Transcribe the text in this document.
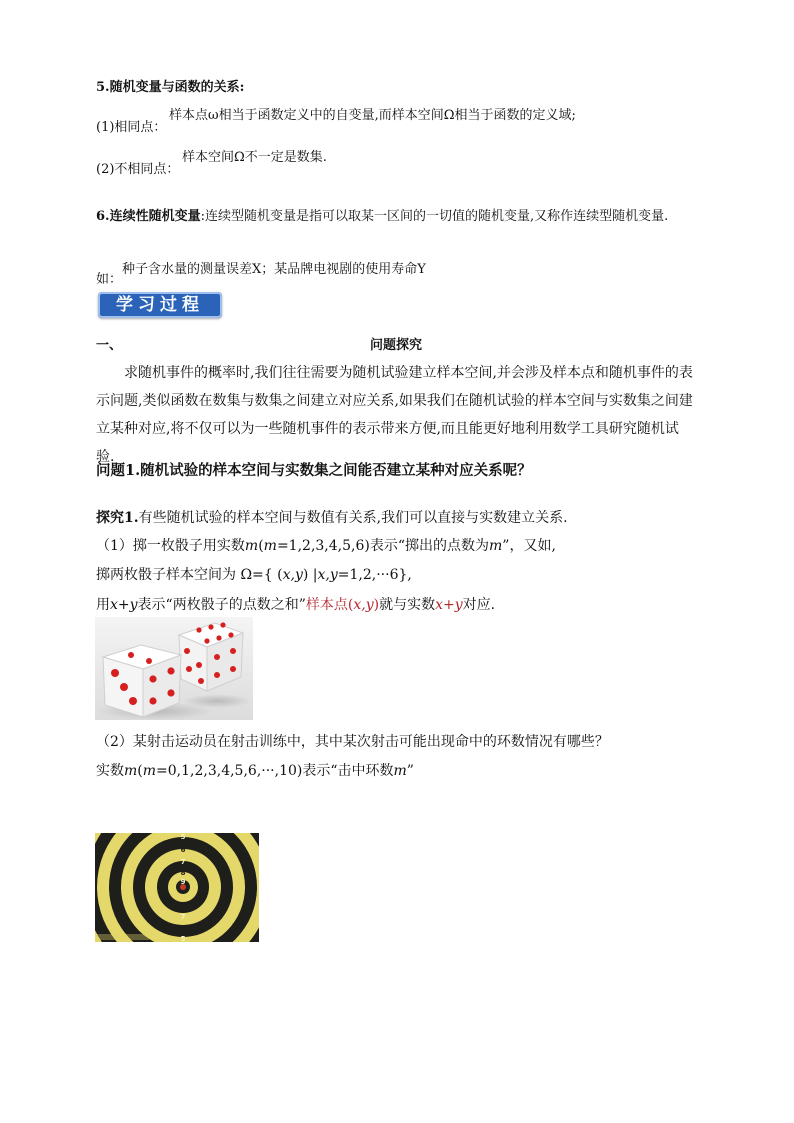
5.随机变量与函数的关系:
(1)相同点：
样本点ω相当于函数定义中的自变量,而样本空间Ω相当于函数的定义域;
(2)不相同点：
样本空间Ω不一定是数集.
6.连续性随机变量:连续型随机变量是指可以取某一区间的一切值的随机变量,又称作连续型随机变量.
如：
种子含水量的测量误差X；某品牌电视剧的使用寿命Y
学习过程
一、	问题探究
求随机事件的概率时,我们往往需要为随机试验建立样本空间,并会涉及样本点和随机事件的表示问题,类似函数在数集与数集之间建立对应关系,如果我们在随机试验的样本空间与实数集之间建立某种对应,将不仅可以为一些随机事件的表示带来方便,而且能更好地利用数学工具研究随机试验.
问题1.随机试验的样本空间与实数集之间能否建立某种对应关系呢？
探究1.有些随机试验的样本空间与数值有关系,我们可以直接与实数建立关系.
（1）掷一枚骰子用实数m(m=1,2,3,4,5,6)表示“掷出的点数为m”，又如,
掷两枚骰子样本空间为 Ω={ (x,y) |x,y=1,2,···6},
用x+y表示“两枚骰子的点数之和”样本点(x,y)就与实数x+y对应.
（2）某射击运动员在射击训练中，其中某次射击可能出现命中的环数情况有哪些？
实数m(m=0,1,2,3,4,5,6,···,10)表示“击中环数m”
5
6
7
8
9
8
7
6
5
